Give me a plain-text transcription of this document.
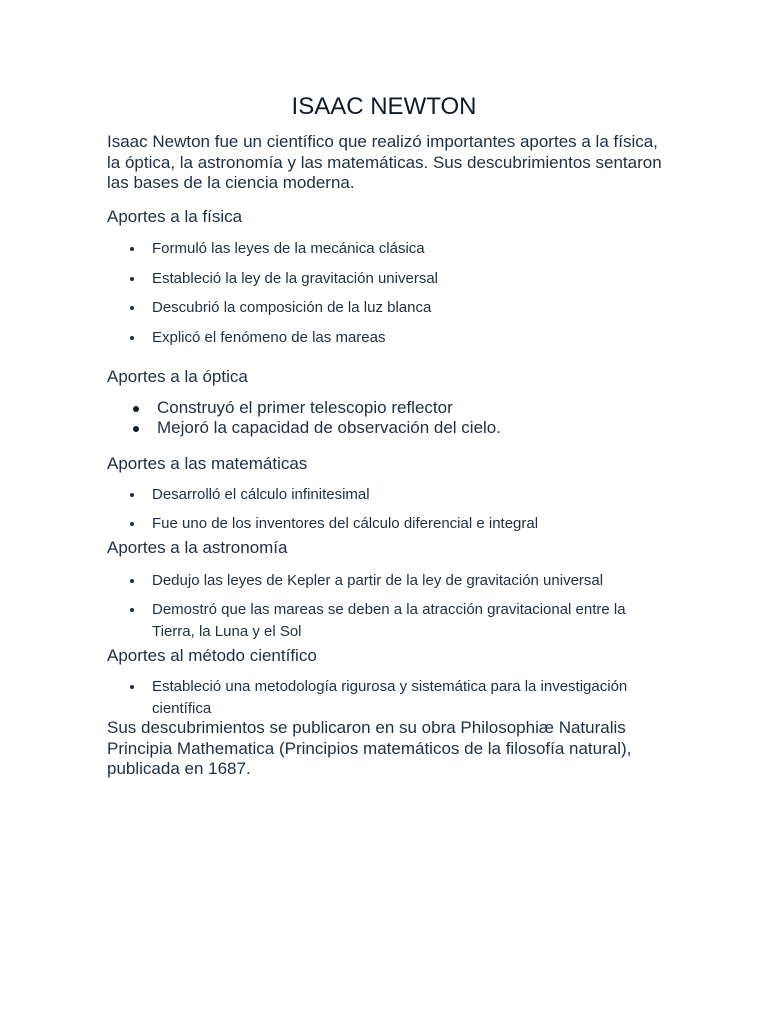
ISAAC NEWTON
Isaac Newton fue un científico que realizó importantes aportes a la física, la óptica, la astronomía y las matemáticas. Sus descubrimientos sentaron las bases de la ciencia moderna.
Aportes a la física
Formuló las leyes de la mecánica clásica
Estableció la ley de la gravitación universal
Descubrió la composición de la luz blanca
Explicó el fenómeno de las mareas
Aportes a la óptica
Construyó el primer telescopio reflector
Mejoró la capacidad de observación del cielo.
Aportes a las matemáticas
Desarrolló el cálculo infinitesimal
Fue uno de los inventores del cálculo diferencial e integral
Aportes a la astronomía
Dedujo las leyes de Kepler a partir de la ley de gravitación universal
Demostró que las mareas se deben a la atracción gravitacional entre la Tierra, la Luna y el Sol
Aportes al método científico
Estableció una metodología rigurosa y sistemática para la investigación científica
Sus descubrimientos se publicaron en su obra Philosophiæ Naturalis Principia Mathematica (Principios matemáticos de la filosofía natural), publicada en 1687.
